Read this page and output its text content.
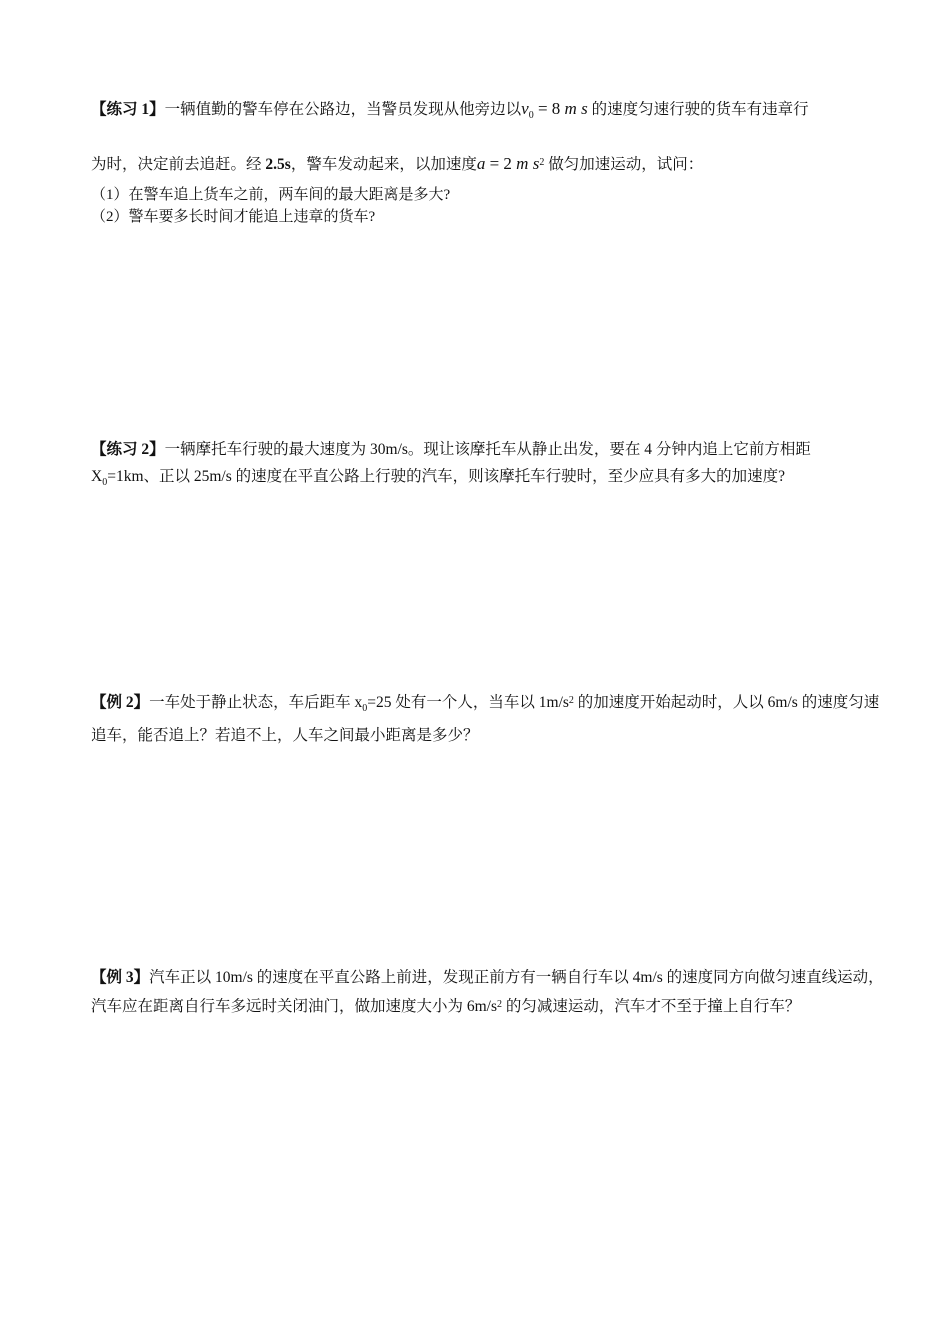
【练习 1】一辆值勤的警车停在公路边，当警员发现从他旁边以$v_0 = 8$ m s 的速度匀速行驶的货车有违章行
为时，决定前去追赶。经 2.5s，警车发动起来，以加速度a = 2 m $s^2$ 做匀加速运动，试问：
（1）在警车追上货车之前，两车间的最大距离是多大?
（2）警车要多长时间才能追上违章的货车?

【练习 2】一辆摩托车行驶的最大速度为 30m/s。现让该摩托车从静止出发，要在 4 分钟内追上它前方相距
$X_0=1km$、正以 25m/s 的速度在平直公路上行驶的汽车，则该摩托车行驶时，至少应具有多大的加速度?

【例 2】一车处于静止状态，车后距车 $x_0=25$ 处有一个人，当车以 $1m/s^2$ 的加速度开始起动时，人以 6m/s 的速度匀速追车，能否追上？若追不上，人车之间最小距离是多少？

【例 3】汽车正以 10m/s 的速度在平直公路上前进，发现正前方有一辆自行车以 4m/s 的速度同方向做匀速直线运动，汽车应在距离自行车多远时关闭油门，做加速度大小为 $6m/s^2$ 的匀减速运动，汽车才不至于撞上自行车？
